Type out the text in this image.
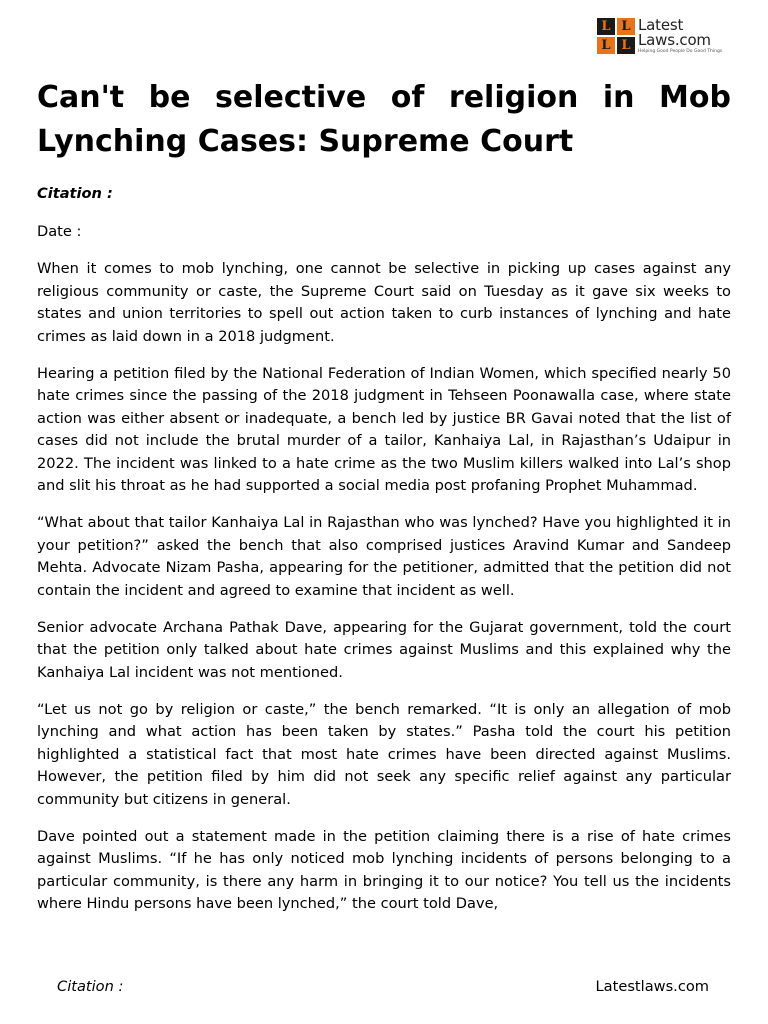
L L
L L
Latest
Laws.com
Helping Good People Do Good Things
Can't be selective of religion in Mob Lynching Cases: Supreme Court

Citation :

Date :

When it comes to mob lynching, one cannot be selective in picking up cases against any religious community or caste, the Supreme Court said on Tuesday as it gave six weeks to states and union territories to spell out action taken to curb instances of lynching and hate crimes as laid down in a 2018 judgment.

Hearing a petition filed by the National Federation of Indian Women, which specified nearly 50 hate crimes since the passing of the 2018 judgment in Tehseen Poonawalla case, where state action was either absent or inadequate, a bench led by justice BR Gavai noted that the list of cases did not include the brutal murder of a tailor, Kanhaiya Lal, in Rajasthan’s Udaipur in 2022. The incident was linked to a hate crime as the two Muslim killers walked into Lal’s shop and slit his throat as he had supported a social media post profaning Prophet Muhammad.

“What about that tailor Kanhaiya Lal in Rajasthan who was lynched? Have you highlighted it in your petition?” asked the bench that also comprised justices Aravind Kumar and Sandeep Mehta. Advocate Nizam Pasha, appearing for the petitioner, admitted that the petition did not contain the incident and agreed to examine that incident as well.

Senior advocate Archana Pathak Dave, appearing for the Gujarat government, told the court that the petition only talked about hate crimes against Muslims and this explained why the Kanhaiya Lal incident was not mentioned.

“Let us not go by religion or caste,” the bench remarked. “It is only an allegation of mob lynching and what action has been taken by states.” Pasha told the court his petition highlighted a statistical fact that most hate crimes have been directed against Muslims. However, the petition filed by him did not seek any specific relief against any particular community but citizens in general.

Dave pointed out a statement made in the petition claiming there is a rise of hate crimes against Muslims. “If he has only noticed mob lynching incidents of persons belonging to a particular community, is there any harm in bringing it to our notice? You tell us the incidents where Hindu persons have been lynched,” the court told Dave,

Citation :	Latestlaws.com
